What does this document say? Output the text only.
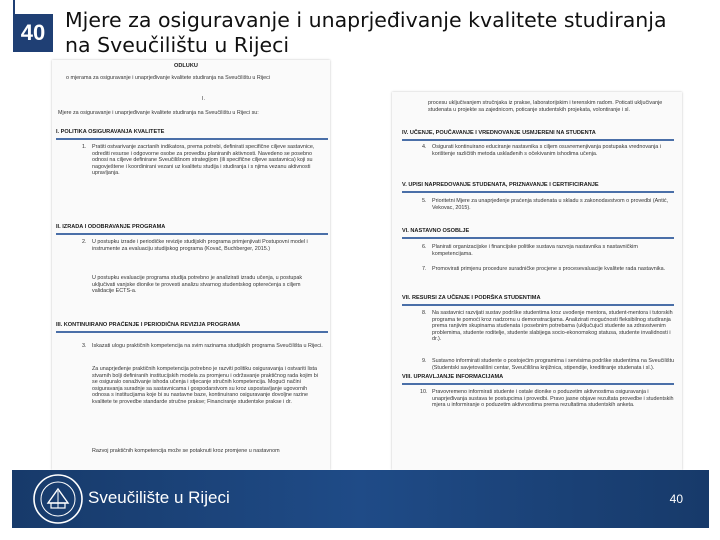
40 Mjere za osiguravanje i unaprjeđivanje kvalitete studiranja
na Sveučilištu u Rijeci
ODLUKU
o mjerama za osiguravanje i unaprjeđivanje kvalitete studiranja na Sveučilištu u Rijeci
I.
Mjere za osiguravanje i unaprjeđivanje kvalitete studiranja na Sveučilištu u Rijeci su:
I. POLITIKA OSIGURAVANJA KVALITETE
1. Pratiti ostvarivanje zacrtanih indikatora, prema potrebi, definirati specifične ciljeve sastavnice, odrediti resurse i odgovorne osobe za provedbu planiranih aktivnosti. Navedeno se posebno odnosi na ciljeve definirane Sveučilišnom strategijom (ili specifične ciljeve sastavnica) koji su nagovještene i koordinirani vezani uz kvalitetu studija i studiranja i s njima vezanu aktivnosti upravljanja.
II. IZRADA I ODOBRAVANJE PROGRAMA
2. U postupku izrade i periodičke revizije studijskih programa primjenjivati Postupovni model i instrumente za evaluaciju studijskog programa (Kovač, Buchberger, 2015.)
U postupku evaluacije programa studija potrebno je analizirati izradu učenja, u postupak uključivati vanjske dionike te provesti analizu stvarnog studentskog opterećenja s ciljem validacije ECTS-a.
III. KONTINUIRANO PRAĆENJE I PERIODIČNA REVIZIJA PROGRAMA
3. Iskazati ulogu praktičnih kompetencija na svim razinama studijskih programa Sveučilišta u Rijeci.
Za unaprjeđenje praktičnih kompetencija potrebno je razviti politiku osiguravanja i ostvariti lista stvarnih bolji definiranih institucijskih modela za promjenu i održavanje praktičnog rada kojim bi se osiguralo osnaživanje ishoda učenja i stjecanje stručnih kompetencija. Mogući načini osiguravanja suradnje sa sastavnicama i gospodarstvom su kroz uspostavljanje ugovornih odnosa s institucijama koje bi su nastavne baze, kontinuirano osiguravanje dovoljne razine kvalitete te provedbe standarde stručne prakse; Financiranje studentske prakse i dr.
Razvoj praktičnih kompetencija može se potaknuti kroz promjene u nastavnom
procesu uključivanjem stručnjaka iz prakse, laboratorijskim i terenskim radom. Poticati uključivanje studenata u projekte sa zajednicom, poticanje studentskih projekata, volontiranje i sl.
IV. UČENJE, POUČAVANJE I VREDNOVANJE USMJERENI NA STUDENTA
4. Osigurati kontinuirano educiranje nastavnika s ciljem osuvremenjivanja postupaka vrednovanja i korištenje različitih metoda usklađenih s očekivanim ishodima učenja.
V. UPISI NAPREDOVANJE STUDENATA, PRIZNAVANJE I CERTIFICIRANJE
5. Prioritetni Mjere za unaprjeđenje praćenja studenata u skladu s zakonodavstvom o provedbi (Antić, Vekovac, 2015).
VI. NASTAVNO OSOBLJE
6. Planirati organizacijske i financijske politike sustava razvoja nastavnika s nastavničkim kompetencijama.
7. Promovirati primjenu procedure suradničke procjene s procesevaluacije kvalitete rada nastavnika.
VII. RESURSI ZA UČENJE I PODRŠKA STUDENTIMA
8. Na sastavnici razvijati sustav podrške studentima kroz uvođenje mentora, student-mentora i tutorskih programa te pomoći kroz nadzornu u demonstracijama. Analizirati mogućnosti fleksibilnog studiranja prema ranjivim skupinama studenata i posebnim potrebama (uključujući studente sa zdravstvenim problemima, studente roditelje, studente slabijega socio-ekonomskog statusa, studente invalidnosti i dr.).
9. Sustavno informirati studente o postojećim programima i servisima podrške studentima na Sveučilištu (Studentski savjetovališni centar, Sveučilišna knjižnica, stipendije, kreditiranje studenata i sl.).
VIII. UPRAVLJANJE INFORMACIJAMA
10. Pravovremeno informirati studente i ostale dionike o poduzetim aktivnostima osiguravanja i unaprjeđivanja sustava te postupcima i provedbi. Pravo jasne objave rezultata provedbe i studentskih mjera u informiranje o poduzetim aktivnostima prema rezultatima studentskih anketa.
Sveučilište u Rijeci	40
